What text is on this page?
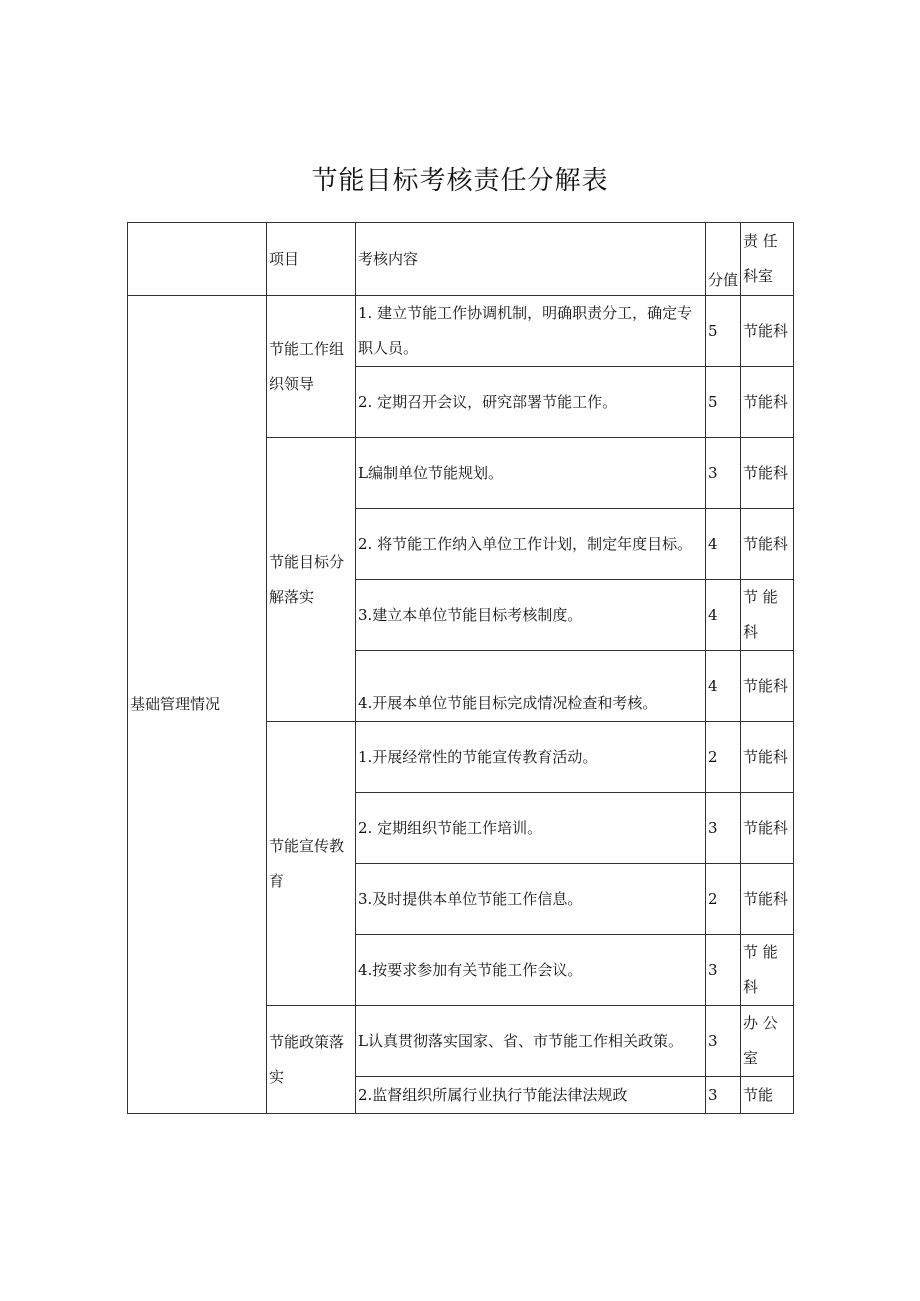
节能目标考核责任分解表
	项目	考核内容	分值	责 任 科室
基础管理情况	节能工作组织领导	1. 建立节能工作协调机制，明确职责分工，确定专职人员。	5	节能科
		2. 定期召开会议，研究部署节能工作。	5	节能科
	节能目标分解落实	L编制单位节能规划。	3	节能科
		2. 将节能工作纳入单位工作计划，制定年度目标。	4	节能科
		3.建立本单位节能目标考核制度。	4	节 能 科
		4.开展本单位节能目标完成情况检查和考核。	4	节能科
	节能宣传教育	1.开展经常性的节能宣传教育活动。	2	节能科
		2. 定期组织节能工作培训。	3	节能科
		3.及时提供本单位节能工作信息。	2	节能科
		4.按要求参加有关节能工作会议。	3	节 能 科
	节能政策落实	L认真贯彻落实国家、省、市节能工作相关政策。	3	办 公 室
		2.监督组织所属行业执行节能法律法规政	3	节能
